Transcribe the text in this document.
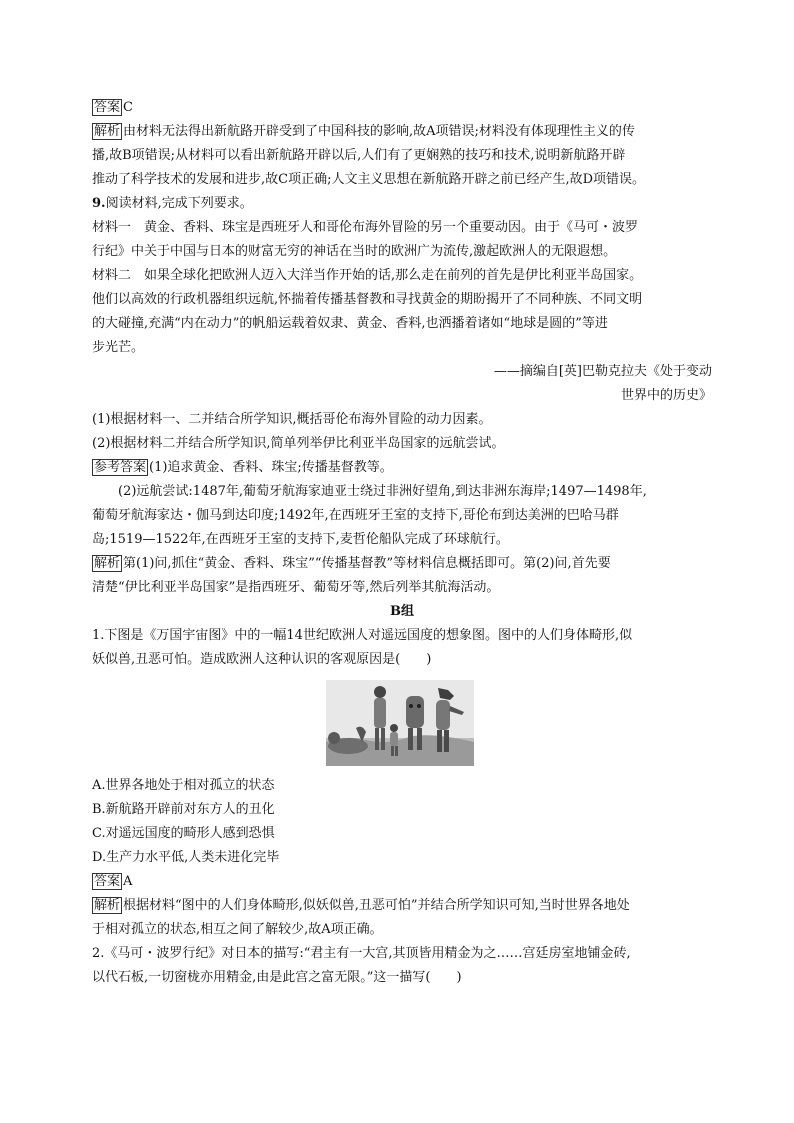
答案 C
解析 由材料无法得出新航路开辟受到了中国科技的影响,故A项错误;材料没有体现理性主义的传
播,故B项错误;从材料可以看出新航路开辟以后,人们有了更娴熟的技巧和技术,说明新航路开辟
推动了科学技术的发展和进步,故C项正确;人文主义思想在新航路开辟之前已经产生,故D项错误。
9.阅读材料,完成下列要求。
材料一　黄金、香料、珠宝是西班牙人和哥伦布海外冒险的另一个重要动因。由于《马可・波罗
行纪》中关于中国与日本的财富无穷的神话在当时的欧洲广为流传,激起欧洲人的无限遐想。
材料二　如果全球化把欧洲人迈入大洋当作开始的话,那么走在前列的首先是伊比利亚半岛国家。
他们以高效的行政机器组织远航,怀揣着传播基督教和寻找黄金的期盼揭开了不同种族、不同文明
的大碰撞,充满“内在动力”的帆船运载着奴隶、黄金、香料,也洒播着诸如“地球是圆的”等进
步光芒。
——摘编自[英]巴勒克拉夫《处于变动
世界中的历史》
(1)根据材料一、二并结合所学知识,概括哥伦布海外冒险的动力因素。
(2)根据材料二并结合所学知识,简单列举伊比利亚半岛国家的远航尝试。
参考答案 (1)追求黄金、香料、珠宝;传播基督教等。
(2)远航尝试:1487年,葡萄牙航海家迪亚士绕过非洲好望角,到达非洲东海岸;1497—1498年,
葡萄牙航海家达・伽马到达印度;1492年,在西班牙王室的支持下,哥伦布到达美洲的巴哈马群
岛;1519—1522年,在西班牙王室的支持下,麦哲伦船队完成了环球航行。
解析 第(1)问,抓住“黄金、香料、珠宝”“传播基督教”等材料信息概括即可。第(2)问,首先要
清楚“伊比利亚半岛国家”是指西班牙、葡萄牙等,然后列举其航海活动。
B组
1.下图是《万国宇宙图》中的一幅14世纪欧洲人对遥远国度的想象图。图中的人们身体畸形,似
妖似兽,丑恶可怕。造成欧洲人这种认识的客观原因是(　　)
A.世界各地处于相对孤立的状态
B.新航路开辟前对东方人的丑化
C.对遥远国度的畸形人感到恐惧
D.生产力水平低,人类未进化完毕
答案 A
解析 根据材料“图中的人们身体畸形,似妖似兽,丑恶可怕”并结合所学知识可知,当时世界各地处
于相对孤立的状态,相互之间了解较少,故A项正确。
2.《马可・波罗行纪》对日本的描写:“君主有一大宫,其顶皆用精金为之……宫廷房室地铺金砖,
以代石板,一切窗栊亦用精金,由是此宫之富无限。”这一描写(　　)
